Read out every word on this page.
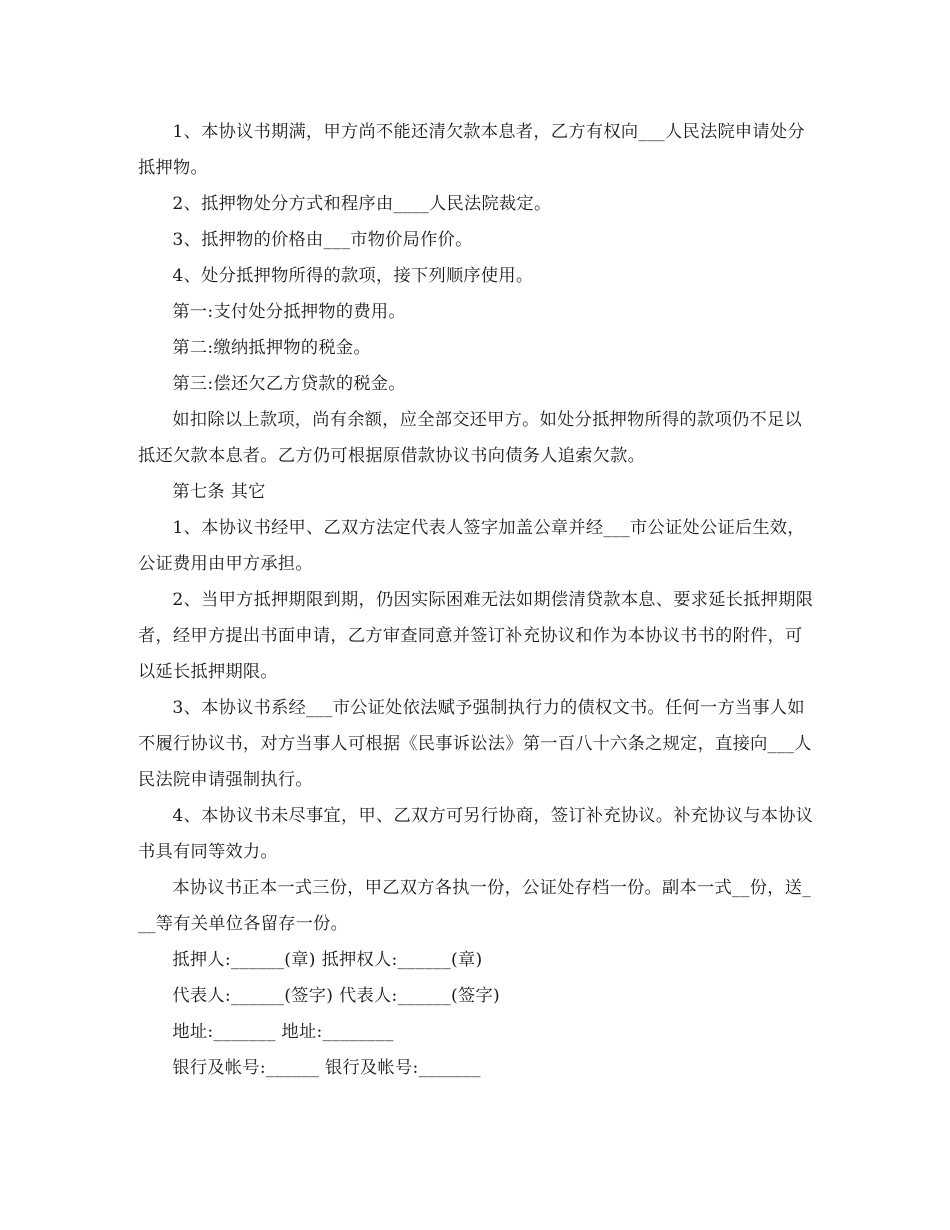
1、本协议书期满，甲方尚不能还清欠款本息者，乙方有权向___人民法院申请处分抵押物。

2、抵押物处分方式和程序由____人民法院裁定。

3、抵押物的价格由___市物价局作价。

4、处分抵押物所得的款项，接下列顺序使用。

第一:支付处分抵押物的费用。

第二:缴纳抵押物的税金。

第三:偿还欠乙方贷款的税金。

如扣除以上款项，尚有余额，应全部交还甲方。如处分抵押物所得的款项仍不足以抵还欠款本息者。乙方仍可根据原借款协议书向债务人追索欠款。

第七条 其它

1、本协议书经甲、乙双方法定代表人签字加盖公章并经___市公证处公证后生效，公证费用由甲方承担。

2、当甲方抵押期限到期，仍因实际困难无法如期偿清贷款本息、要求延长抵押期限者，经甲方提出书面申请，乙方审查同意并签订补充协议和作为本协议书书的附件，可以延长抵押期限。

3、本协议书系经___市公证处依法赋予强制执行力的债权文书。任何一方当事人如不履行协议书，对方当事人可根据《民事诉讼法》第一百八十六条之规定，直接向___人民法院申请强制执行。

4、本协议书未尽事宜，甲、乙双方可另行协商，签订补充协议。补充协议与本协议书具有同等效力。

本协议书正本一式三份，甲乙双方各执一份，公证处存档一份。副本一式__份，送___等有关单位各留存一份。

抵押人:______(章) 抵押权人:______(章)

代表人:______(签字) 代表人:______(签字)

地址:_______ 地址:________

银行及帐号:______ 银行及帐号:_______
